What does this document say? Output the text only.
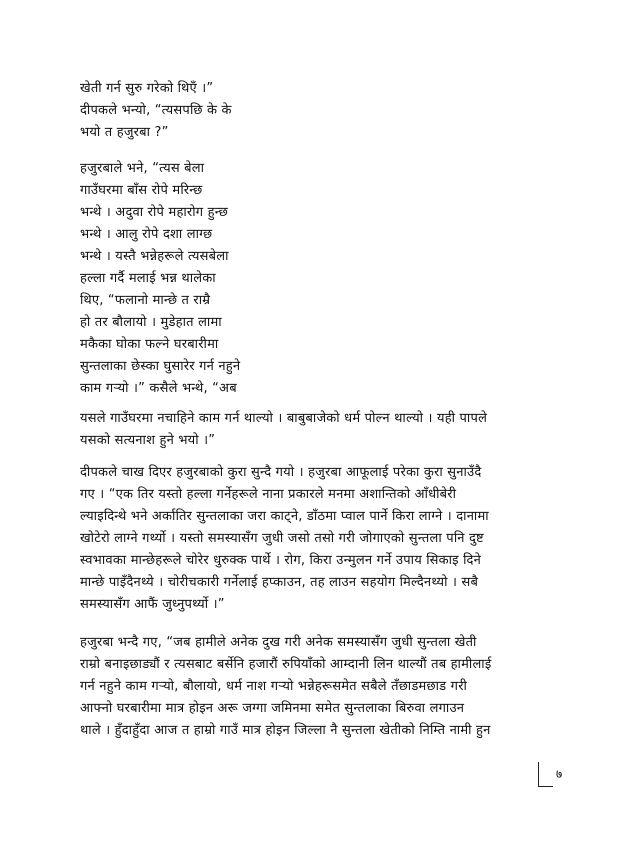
खेती गर्न सुरु गरेको थिएँ ।”
दीपकले भन्यो, “त्यसपछि के के
भयो त हजुरबा ?”
हजुरबाले भने, “त्यस बेला
गाउँघरमा बाँस रोपे मरिन्छ
भन्थे । अदुवा रोपे महारोग हुन्छ
भन्थे । आलु रोपे दशा लाग्छ
भन्थे । यस्तै भन्नेहरूले त्यसबेला
हल्ला गर्दै मलाई भन्न थालेका
थिए, “फलानो मान्छे त राम्रै
हो तर बौलायो । मुडेहात लामा
मकैका घोका फल्ने घरबारीमा
सुन्तलाका छेस्का घुसारेर गर्न नहुने
काम गऱ्यो ।” कसैले भन्थे, “अब
यसले गाउँघरमा नचाहिने काम गर्न थाल्यो । बाबुबाजेको धर्म पोल्न थाल्यो । यही पापले
यसको सत्यनाश हुने भयो ।”
दीपकले चाख दिएर हजुरबाको कुरा सुन्दै गयो । हजुरबा आफूलाई परेका कुरा सुनाउँदै
गए । “एक तिर यस्तो हल्ला गर्नेहरूले नाना प्रकारले मनमा अशान्तिको आँधीबेरी
ल्याइदिन्थे भने अर्कातिर सुन्तलाका जरा काट्ने, डाँठमा प्वाल पार्ने किरा लाग्ने । दानामा
खोटेरो लाग्ने गर्थ्यो । यस्तो समस्यासँग जुधी जसो तसो गरी जोगाएको सुन्तला पनि दुष्ट
स्वभावका मान्छेहरूले चोरेर धुरुक्क पार्थे । रोग, किरा उन्मुलन गर्ने उपाय सिकाइ दिने
मान्छे पाइँदैनथ्ये । चोरीचकारी गर्नेलाई हप्काउन, तह लाउन सहयोग मिल्दैनथ्यो । सबै
समस्यासँग आफैं जुध्नुपर्थ्यो ।”
हजुरबा भन्दै गए, “जब हामीले अनेक दुख गरी अनेक समस्यासँग जुधी सुन्तला खेती
राम्रो बनाइछाड्यौं र त्यसबाट बर्सेनि हजारौं रुपियाँको आम्दानी लिन थाल्यौं तब हामीलाई
गर्न नहुने काम गऱ्यो, बौलायो, धर्म नाश गऱ्यो भन्नेहरूसमेत सबैले तँछाडमछाड गरी
आफ्नो घरबारीमा मात्र होइन अरू जग्गा जमिनमा समेत सुन्तलाका बिरुवा लगाउन
थाले । हुँदाहुँदा आज त हाम्रो गाउँ मात्र होइन जिल्ला नै सुन्तला खेतीको निम्ति नामी हुन
७
